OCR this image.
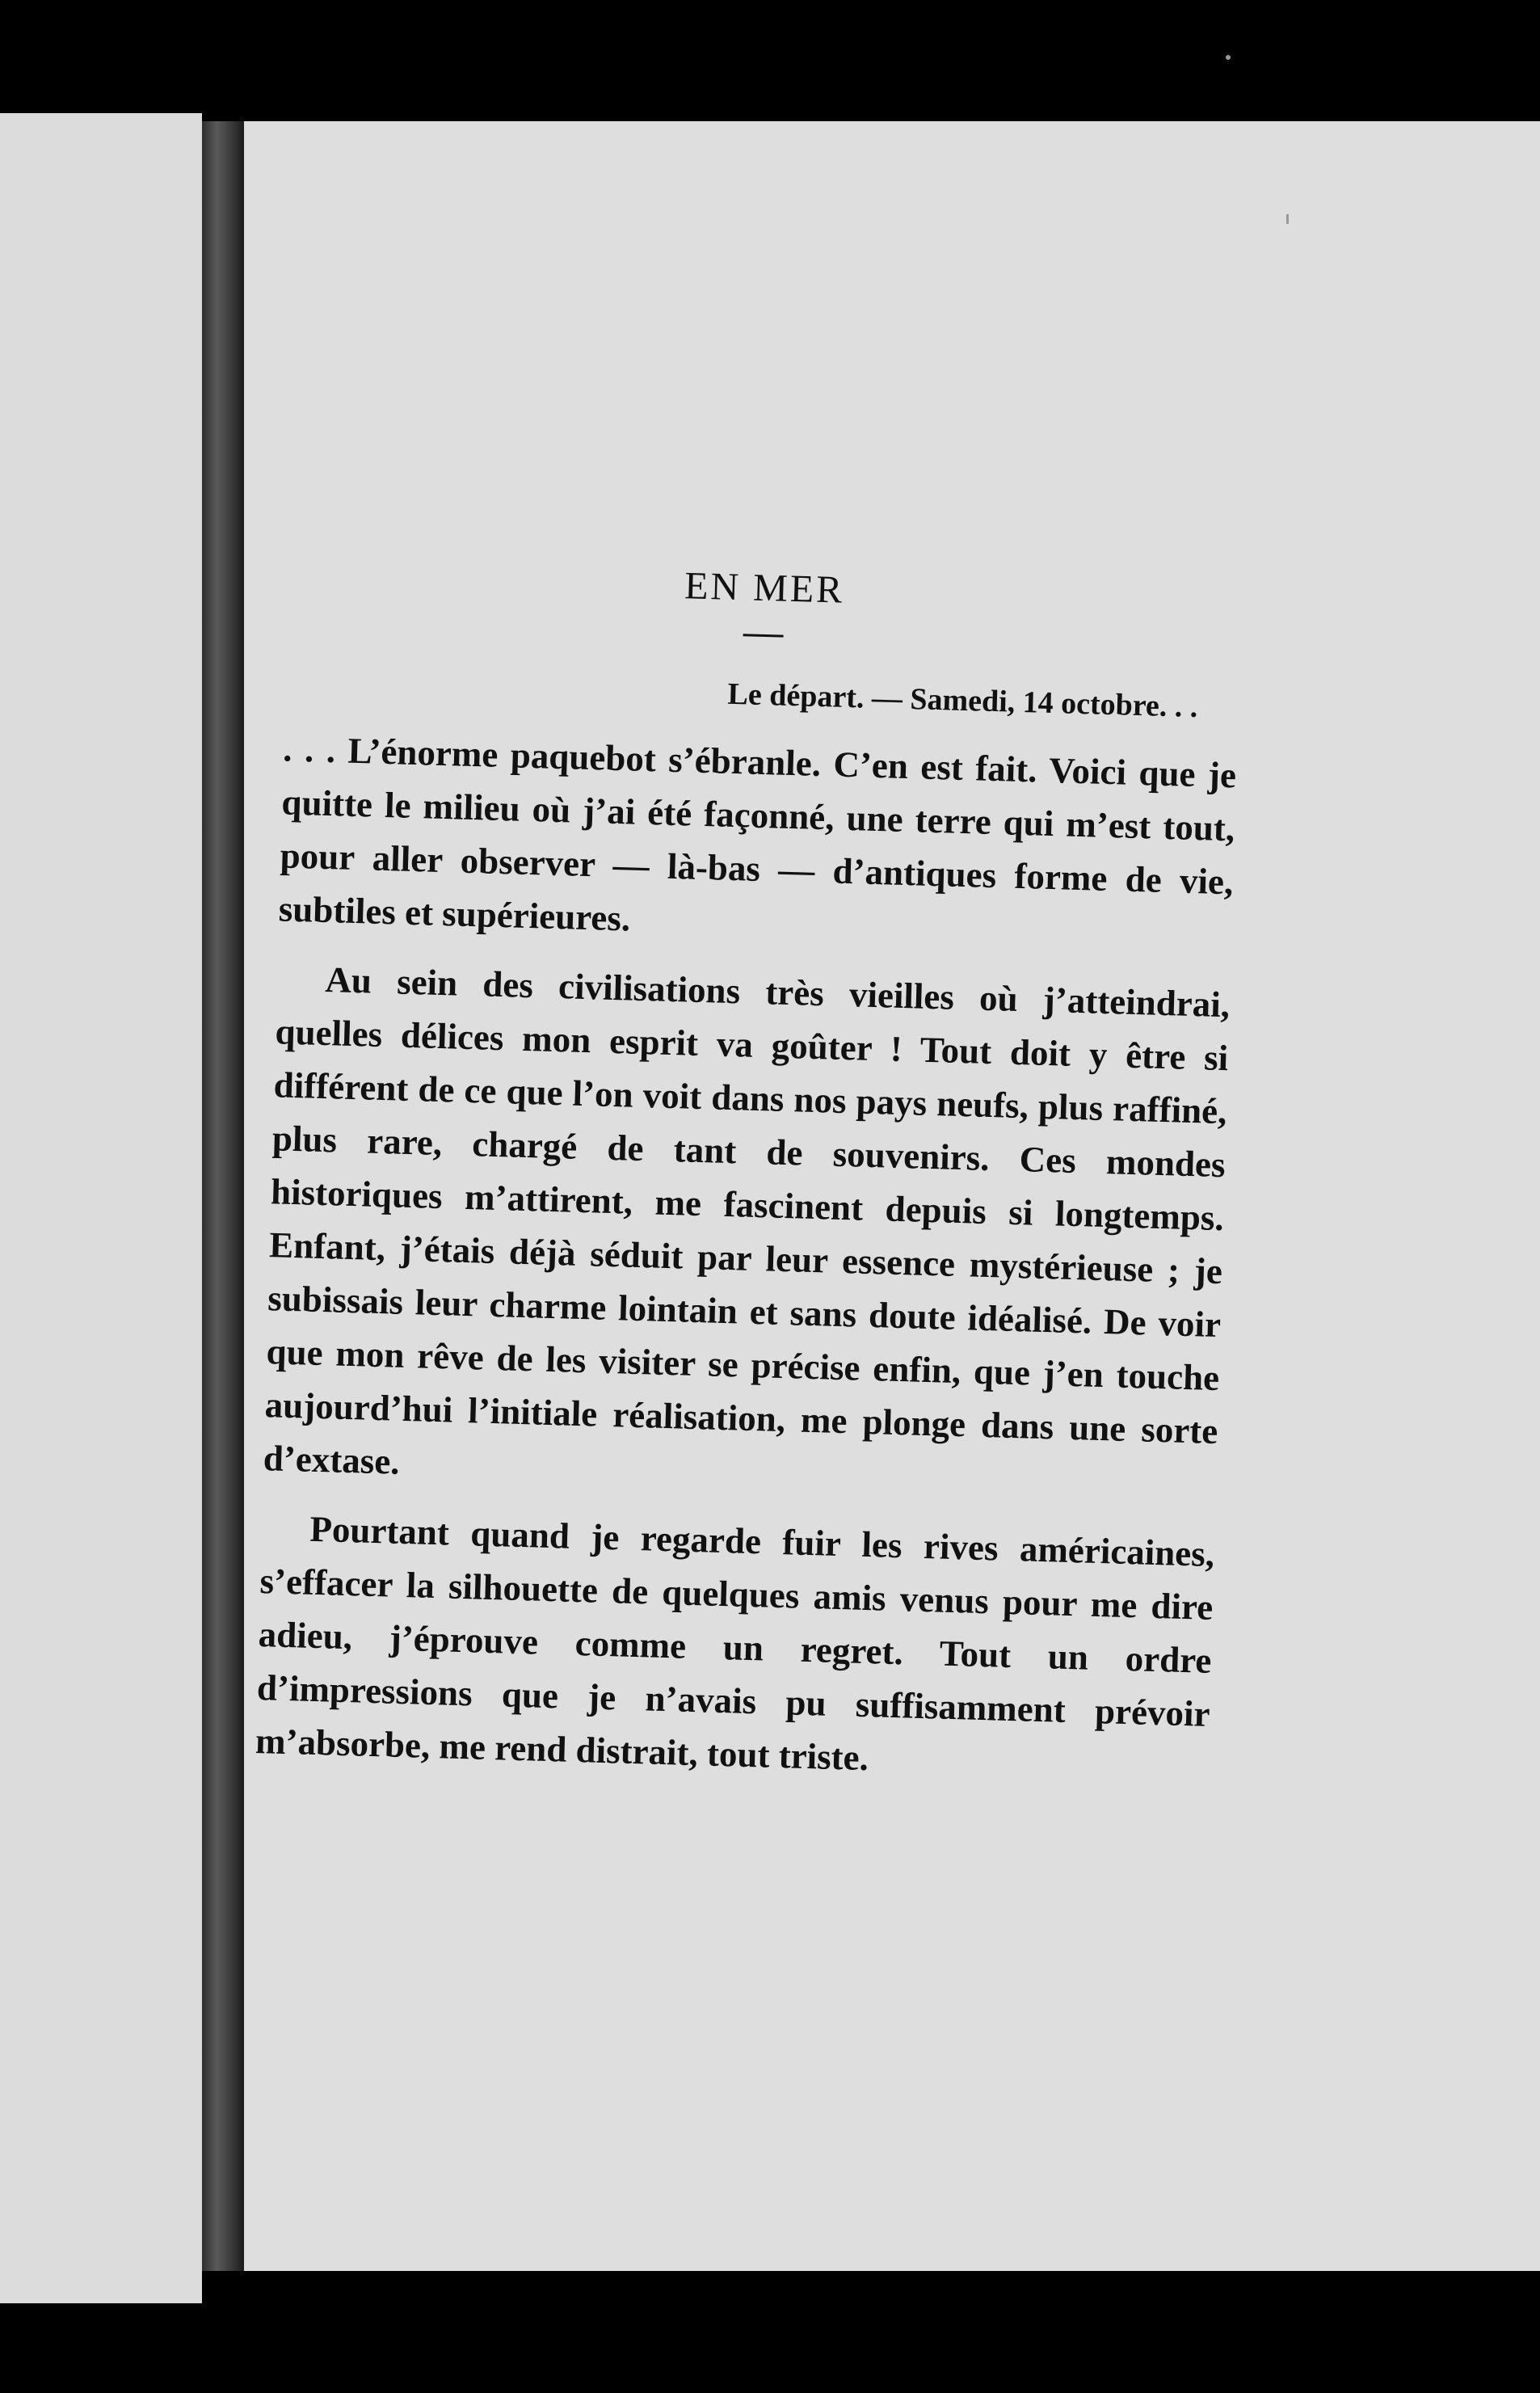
EN MER
Le départ. — Samedi, 14 octobre. . .

. . . L’énorme paquebot s’ébranle. C’en est fait. Voici que je quitte le milieu où j’ai été façonné, une terre qui m’est tout, pour aller observer — là-bas — d’antiques forme de vie, subtiles et supérieures.

Au sein des civilisations très vieilles où j’atteindrai, quelles délices mon esprit va goûter ! Tout doit y être si différent de ce que l’on voit dans nos pays neufs, plus raffiné, plus rare, chargé de tant de souvenirs. Ces mondes historiques m’attirent, me fascinent depuis si longtemps. Enfant, j’étais déjà séduit par leur essence mystérieuse ; je subissais leur charme lointain et sans doute idéalisé. De voir que mon rêve de les visiter se précise enfin, que j’en touche aujourd’hui l’initiale réalisation, me plonge dans une sorte d’extase.

Pourtant quand je regarde fuir les rives américaines, s’effacer la silhouette de quelques amis venus pour me dire adieu, j’éprouve comme un regret. Tout un ordre d’impressions que je n’avais pu suffisamment prévoir m’absorbe, me rend distrait, tout triste.
